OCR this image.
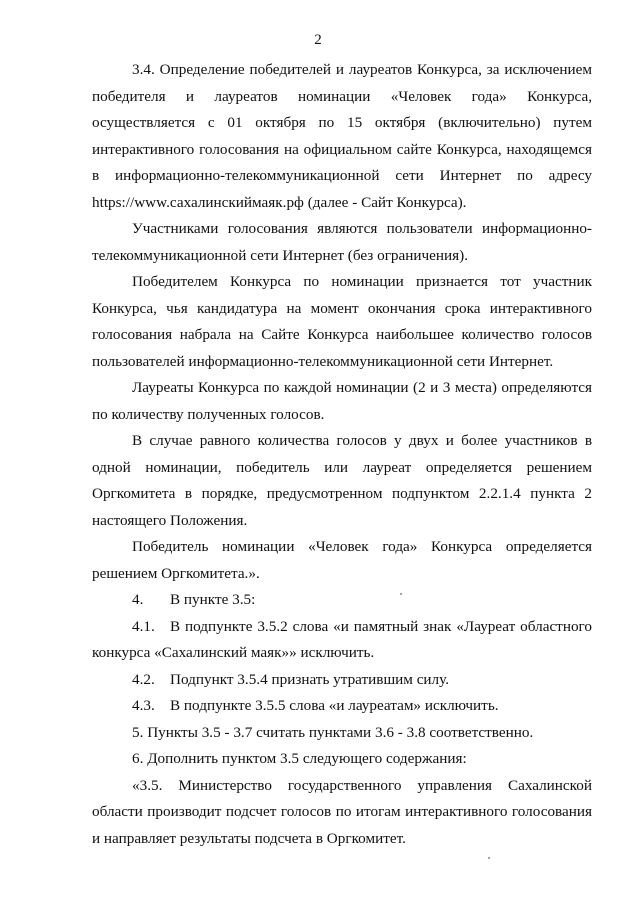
2

3.4. Определение победителей и лауреатов Конкурса, за исключением победителя и лауреатов номинации «Человек года» Конкурса, осуществляется с 01 октября по 15 октября (включительно) путем интерактивного голосования на официальном сайте Конкурса, находящемся в информационно-телекоммуникационной сети Интернет по адресу https://www.сахалинскиймаяк.рф (далее - Сайт Конкурса).

Участниками голосования являются пользователи информационно-телекоммуникационной сети Интернет (без ограничения).

Победителем Конкурса по номинации признается тот участник Конкурса, чья кандидатура на момент окончания срока интерактивного голосования набрала на Сайте Конкурса наибольшее количество голосов пользователей информационно-телекоммуникационной сети Интернет.

Лауреаты Конкурса по каждой номинации (2 и 3 места) определяются по количеству полученных голосов.

В случае равного количества голосов у двух и более участников в одной номинации, победитель или лауреат определяется решением Оргкомитета в порядке, предусмотренном подпунктом 2.2.1.4 пункта 2 настоящего Положения.

Победитель номинации «Человек года» Конкурса определяется решением Оргкомитета.».

4. В пункте 3.5:

4.1. В подпункте 3.5.2 слова «и памятный знак «Лауреат областного конкурса «Сахалинский маяк»» исключить.

4.2. Подпункт 3.5.4 признать утратившим силу.

4.3. В подпункте 3.5.5 слова «и лауреатам» исключить.

5. Пункты 3.5 - 3.7 считать пунктами 3.6 - 3.8 соответственно.

6. Дополнить пунктом 3.5 следующего содержания:

«3.5. Министерство государственного управления Сахалинской области производит подсчет голосов по итогам интерактивного голосования и направляет результаты подсчета в Оргкомитет.
